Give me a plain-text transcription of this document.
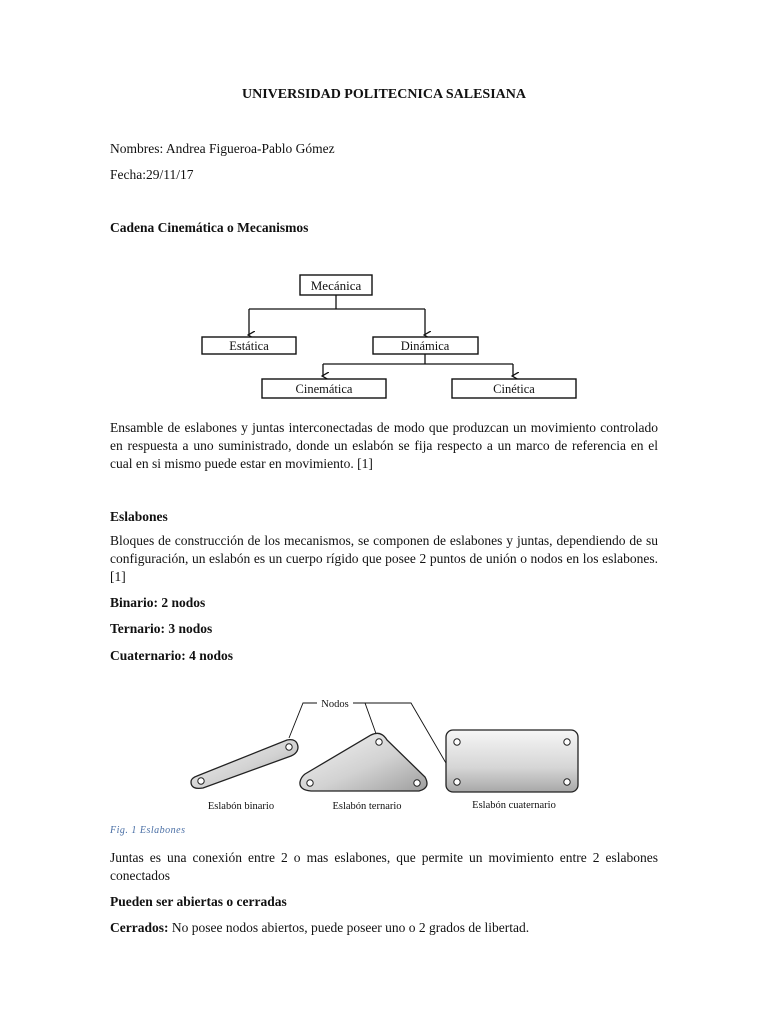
UNIVERSIDAD POLITECNICA SALESIANA
Nombres: Andrea Figueroa-Pablo Gómez
Fecha:29/11/17
Cadena Cinemática o Mecanismos
Mecánica
Estática	Dinámica
Cinemática	Cinética
Ensamble de eslabones y juntas interconectadas de modo que produzcan un movimiento controlado en respuesta a uno suministrado, donde un eslabón se fija respecto a un marco de referencia en el cual en si mismo puede estar en movimiento. [1]
Eslabones
Bloques de construcción de los mecanismos, se componen de eslabones y juntas, dependiendo de su configuración, un eslabón es un cuerpo rígido que posee 2 puntos de unión o nodos en los eslabones. [1]
Binario: 2 nodos
Ternario: 3 nodos
Cuaternario: 4 nodos
Nodos
Eslabón binario	Eslabón ternario	Eslabón cuaternario
Fig. 1 Eslabones
Juntas es una conexión entre 2 o mas eslabones, que permite un movimiento entre 2 eslabones conectados
Pueden ser abiertas o cerradas
Cerrados: No posee nodos abiertos, puede poseer uno o 2 grados de libertad.
